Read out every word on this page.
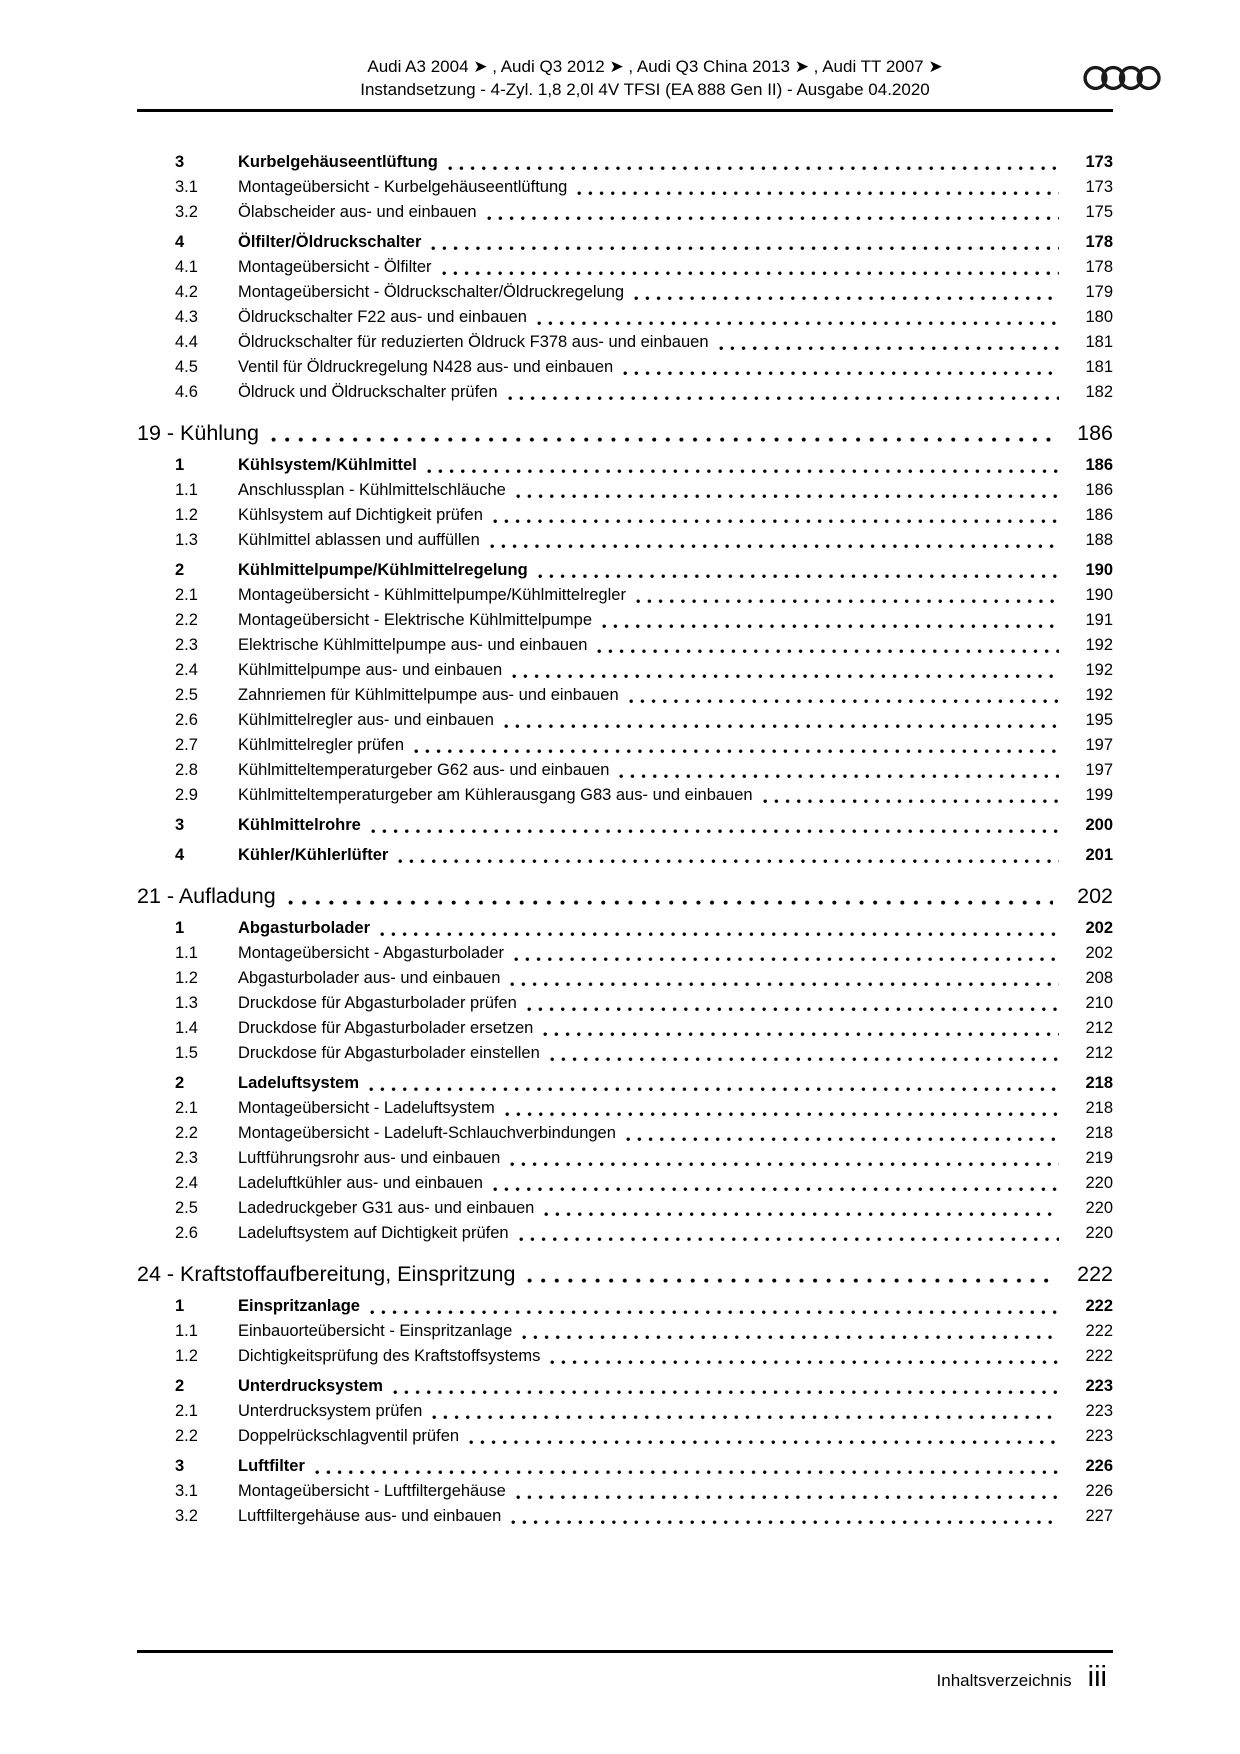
Audi A3 2004 ➤ , Audi Q3 2012 ➤ , Audi Q3 China 2013 ➤ , Audi TT 2007 ➤
Instandsetzung - 4-Zyl. 1,8 2,0l 4V TFSI (EA 888 Gen II) - Ausgabe 04.2020
3	Kurbelgehäuseentlüftung	173
3.1	Montageübersicht - Kurbelgehäuseentlüftung	173
3.2	Ölabscheider aus- und einbauen	175
4	Ölfilter/Öldruckschalter	178
4.1	Montageübersicht - Ölfilter	178
4.2	Montageübersicht - Öldruckschalter/Öldruckregelung	179
4.3	Öldruckschalter F22 aus- und einbauen	180
4.4	Öldruckschalter für reduzierten Öldruck F378 aus- und einbauen	181
4.5	Ventil für Öldruckregelung N428 aus- und einbauen	181
4.6	Öldruck und Öldruckschalter prüfen	182
19 - Kühlung	186
1	Kühlsystem/Kühlmittel	186
1.1	Anschlussplan - Kühlmittelschläuche	186
1.2	Kühlsystem auf Dichtigkeit prüfen	186
1.3	Kühlmittel ablassen und auffüllen	188
2	Kühlmittelpumpe/Kühlmittelregelung	190
2.1	Montageübersicht - Kühlmittelpumpe/Kühlmittelregler	190
2.2	Montageübersicht - Elektrische Kühlmittelpumpe	191
2.3	Elektrische Kühlmittelpumpe aus- und einbauen	192
2.4	Kühlmittelpumpe aus- und einbauen	192
2.5	Zahnriemen für Kühlmittelpumpe aus- und einbauen	192
2.6	Kühlmittelregler aus- und einbauen	195
2.7	Kühlmittelregler prüfen	197
2.8	Kühlmitteltemperaturgeber G62 aus- und einbauen	197
2.9	Kühlmitteltemperaturgeber am Kühlerausgang G83 aus- und einbauen	199
3	Kühlmittelrohre	200
4	Kühler/Kühlerlüfter	201
21 - Aufladung	202
1	Abgasturbolader	202
1.1	Montageübersicht - Abgasturbolader	202
1.2	Abgasturbolader aus- und einbauen	208
1.3	Druckdose für Abgasturbolader prüfen	210
1.4	Druckdose für Abgasturbolader ersetzen	212
1.5	Druckdose für Abgasturbolader einstellen	212
2	Ladeluftsystem	218
2.1	Montageübersicht - Ladeluftsystem	218
2.2	Montageübersicht - Ladeluft-Schlauchverbindungen	218
2.3	Luftführungsrohr aus- und einbauen	219
2.4	Ladeluftkühler aus- und einbauen	220
2.5	Ladedruckgeber G31 aus- und einbauen	220
2.6	Ladeluftsystem auf Dichtigkeit prüfen	220
24 - Kraftstoffaufbereitung, Einspritzung	222
1	Einspritzanlage	222
1.1	Einbauorteübersicht - Einspritzanlage	222
1.2	Dichtigkeitsprüfung des Kraftstoffsystems	222
2	Unterdrucksystem	223
2.1	Unterdrucksystem prüfen	223
2.2	Doppelrückschlagventil prüfen	223
3	Luftfilter	226
3.1	Montageübersicht - Luftfiltergehäuse	226
3.2	Luftfiltergehäuse aus- und einbauen	227
Inhaltsverzeichnis iii
